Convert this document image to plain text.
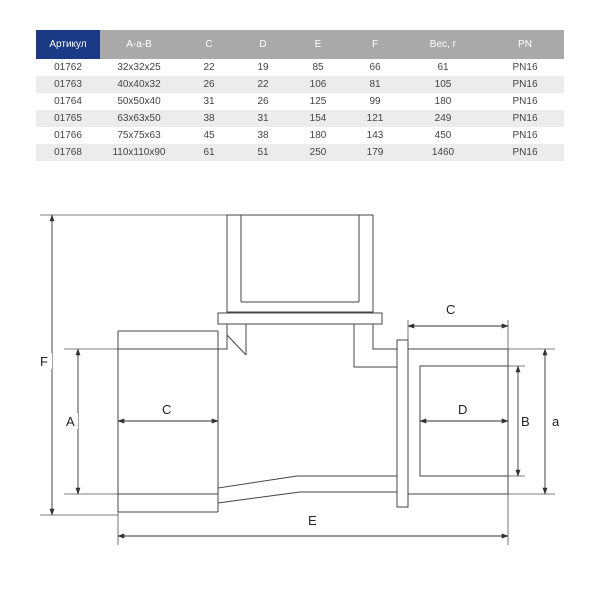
Артикул	A-a-B	C	D	E	F	Вес, г	PN
01762	32x32x25	22	19	85	66	61	PN16
01763	40x40x32	26	22	106	81	105	PN16
01764	50x50x40	31	26	125	99	180	PN16
01765	63x63x50	38	31	154	121	249	PN16
01766	75x75x63	45	38	180	143	450	PN16
01768	110x110x90	61	51	250	179	1460	PN16
F
A
C
C
D
B a
E
